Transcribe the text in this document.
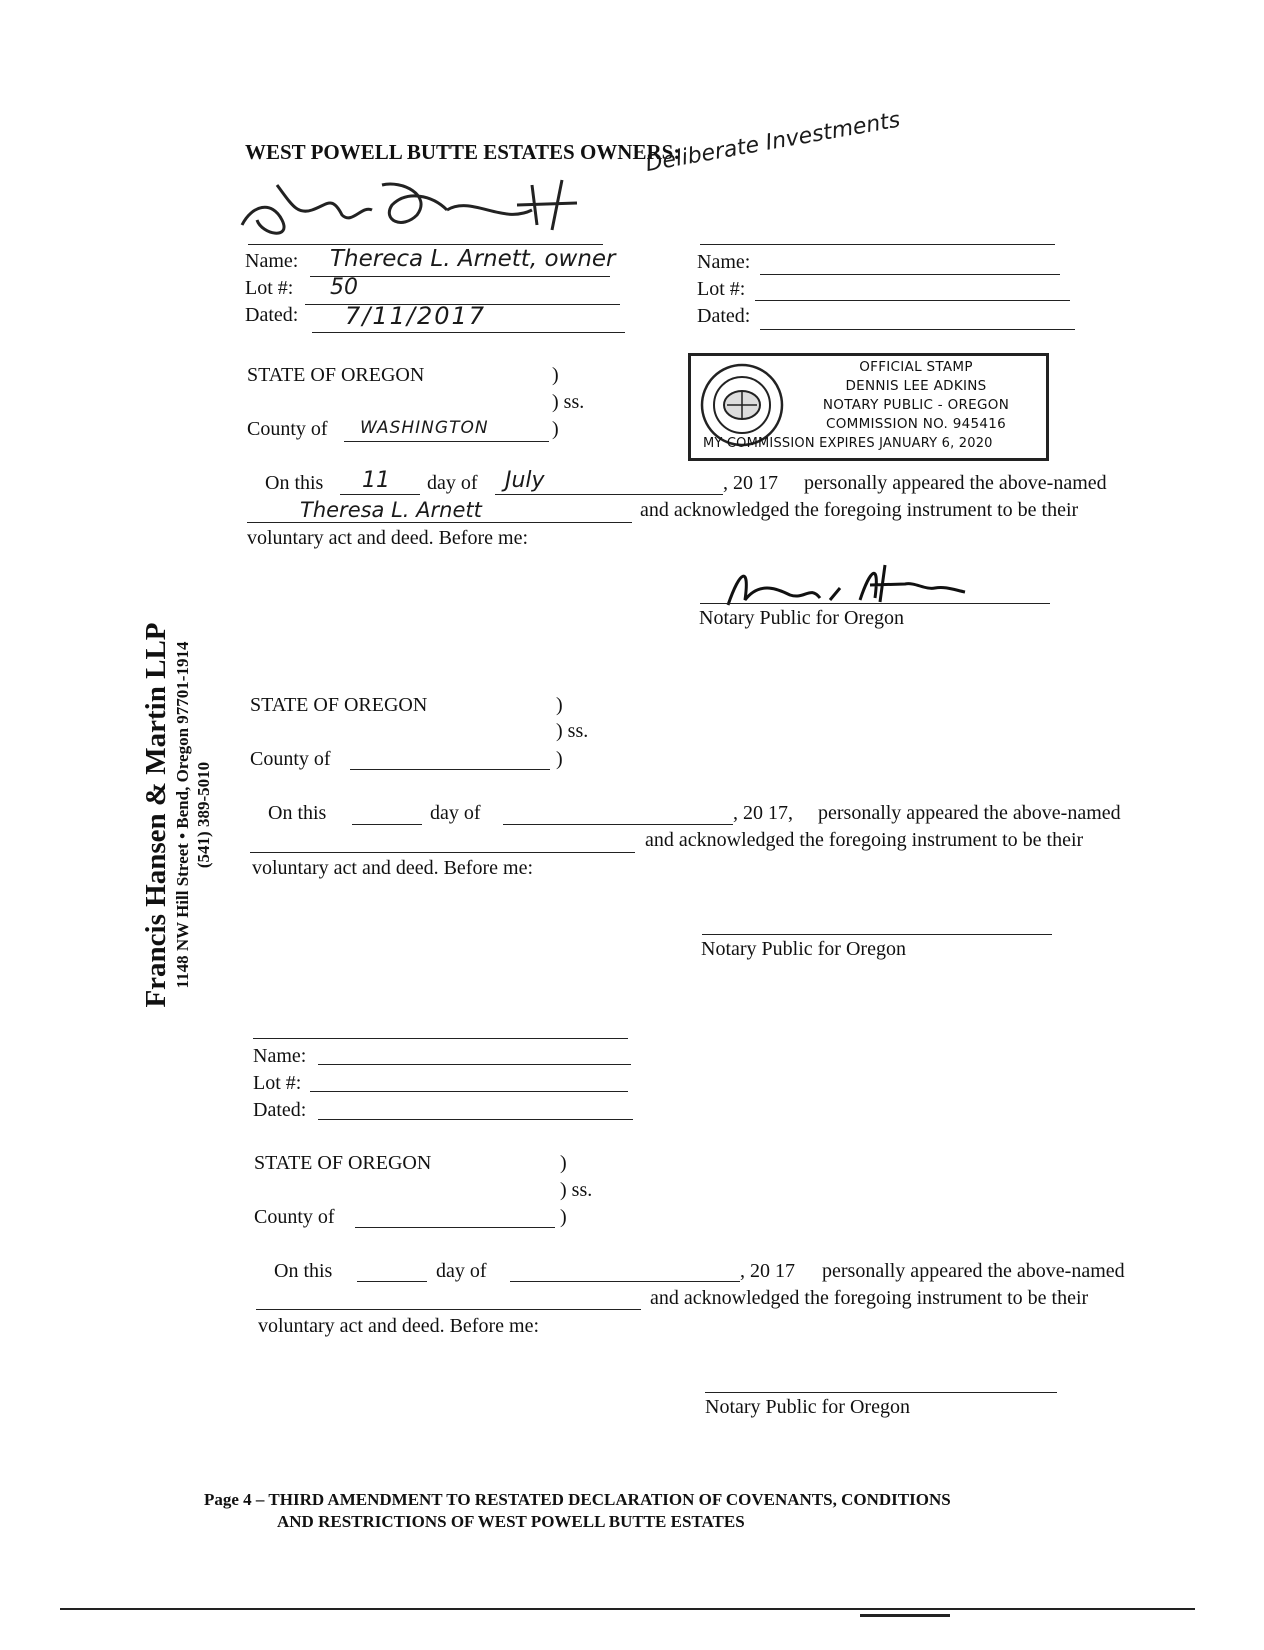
WEST POWELL BUTTE ESTATES OWNERS:
Deliberate Investments
Name: Thereca L. Arnett, owner
Lot #: 50
Dated: 7/11/2017
Name:
Lot #:
Dated:
STATE OF OREGON	)
) ss.
County of WASHINGTON	)
OFFICIAL STAMP
DENNIS LEE ADKINS
NOTARY PUBLIC - OREGON
COMMISSION NO. 945416
MY COMMISSION EXPIRES JANUARY 6, 2020
On this 11 day of July	, 20 17 personally appeared the above-named
Theresa L. Arnett	and acknowledged the foregoing instrument to be their
voluntary act and deed. Before me:
Notary Public for Oregon
STATE OF OREGON	)
) ss.
County of	)
On this	day of	, 20 17, personally appeared the above-named
and acknowledged the foregoing instrument to be their
voluntary act and deed. Before me:
Notary Public for Oregon
Name:
Lot #:
Dated:
STATE OF OREGON	)
) ss.
County of	)
On this	day of	, 20 17 personally appeared the above-named
and acknowledged the foregoing instrument to be their
voluntary act and deed. Before me:
Notary Public for Oregon
Francis Hansen & Martin LLP 1148 NW Hill Street • Bend, Oregon 97701-1914 (541) 389-5010
Page 4 – THIRD AMENDMENT TO RESTATED DECLARATION OF COVENANTS, CONDITIONS
AND RESTRICTIONS OF WEST POWELL BUTTE ESTATES
